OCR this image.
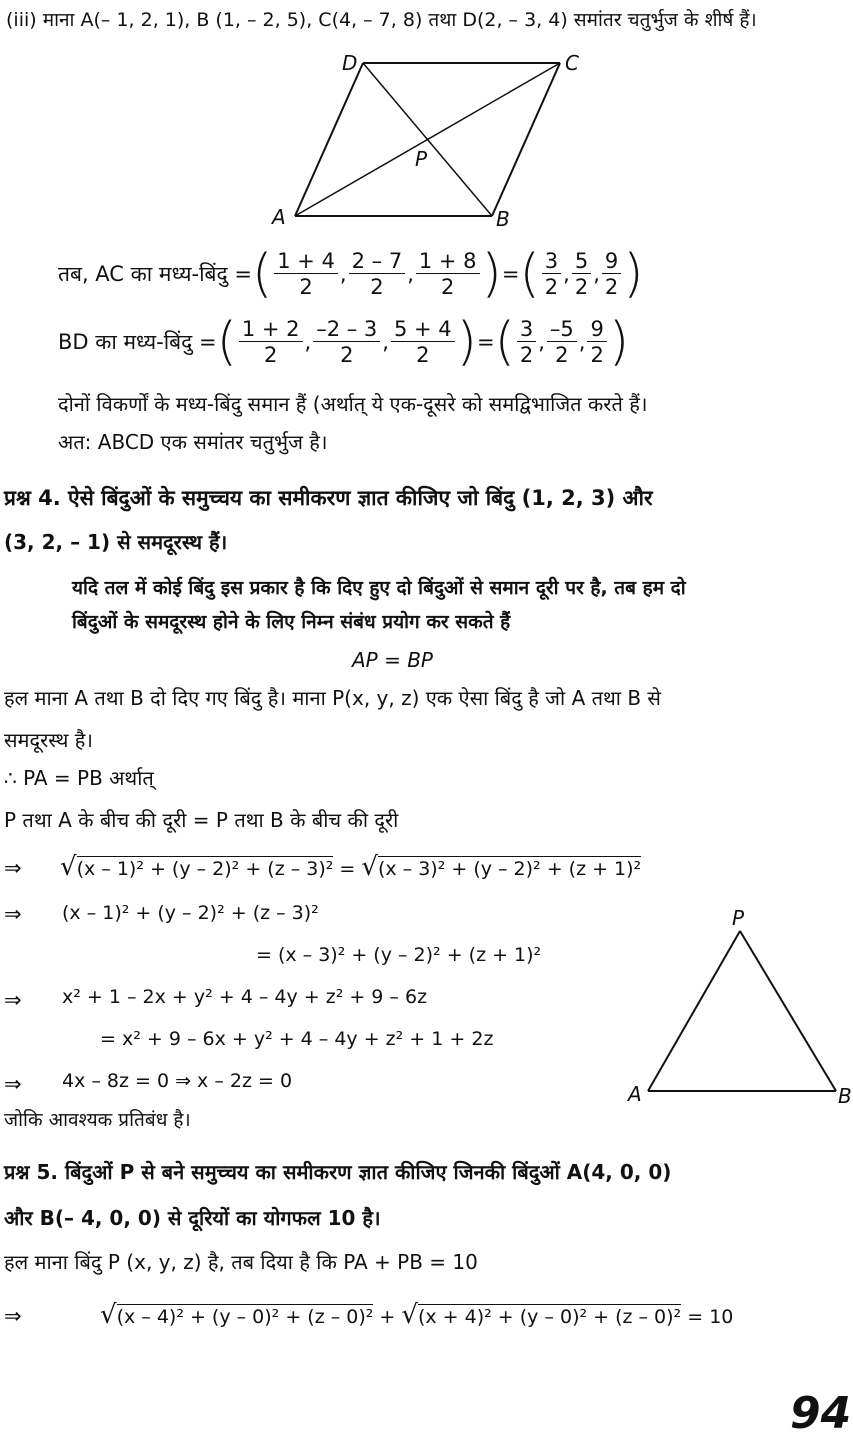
(iii) माना A(– 1, 2, 1), B (1, – 2, 5), C(4, – 7, 8) तथा D(2, – 3, 4) समांतर चतुर्भुज के शीर्ष हैं।
D	C
P
A	B
तब, AC का मध्य-बिंदु = ( $\frac{1 + 4}{2}$ , $\frac{2 - 7}{2}$ , $\frac{1 + 8}{2}$ ) = ( $\frac{3}{2}$ , $\frac{5}{2}$ , $\frac{9}{2}$ )
BD का मध्य-बिंदु = ( $\frac{1 + 2}{2}$ , $\frac{-2 - 3}{2}$ , $\frac{5 + 4}{2}$ ) = ( $\frac{3}{2}$ , $\frac{-5}{2}$ , $\frac{9}{2}$ )
दोनों विकर्णों के मध्य-बिंदु समान हैं (अर्थात् ये एक-दूसरे को समद्विभाजित करते हैं।
अत: ABCD एक समांतर चतुर्भुज है।
प्रश्न 4. ऐसे बिंदुओं के समुच्चय का समीकरण ज्ञात कीजिए जो बिंदु (1, 2, 3) और
(3, 2, – 1) से समदूरस्थ हैं।
यदि तल में कोई बिंदु इस प्रकार है कि दिए हुए दो बिंदुओं से समान दूरी पर है, तब हम दो
बिंदुओं के समदूरस्थ होने के लिए निम्न संबंध प्रयोग कर सकते हैं
AP = BP
हल माना A तथा B दो दिए गए बिंदु है। माना P(x, y, z) एक ऐसा बिंदु है जो A तथा B से
समदूरस्थ है।
∴ PA = PB अर्थात्
P तथा A के बीच की दूरी = P तथा B के बीच की दूरी
⇒ √(x – 1)² + (y – 2)² + (z – 3)² = √(x – 3)² + (y – 2)² + (z + 1)²
⇒ (x – 1)² + (y – 2)² + (z – 3)²
= (x – 3)² + (y – 2)² + (z + 1)²
⇒ x² + 1 – 2x + y² + 4 – 4y + z² + 9 – 6z
= x² + 9 – 6x + y² + 4 – 4y + z² + 1 + 2z
⇒ 4x – 8z = 0 ⇒ x – 2z = 0
जोकि आवश्यक प्रतिबंध है।
P
A	B
प्रश्न 5. बिंदुओं P से बने समुच्चय का समीकरण ज्ञात कीजिए जिनकी बिंदुओं A(4, 0, 0)
और B(– 4, 0, 0) से दूरियों का योगफल 10 है।
हल माना बिंदु P (x, y, z) है, तब दिया है कि PA + PB = 10
⇒	√(x – 4)² + (y – 0)² + (z – 0)² + √(x + 4)² + (y – 0)² + (z – 0)² = 10
94
